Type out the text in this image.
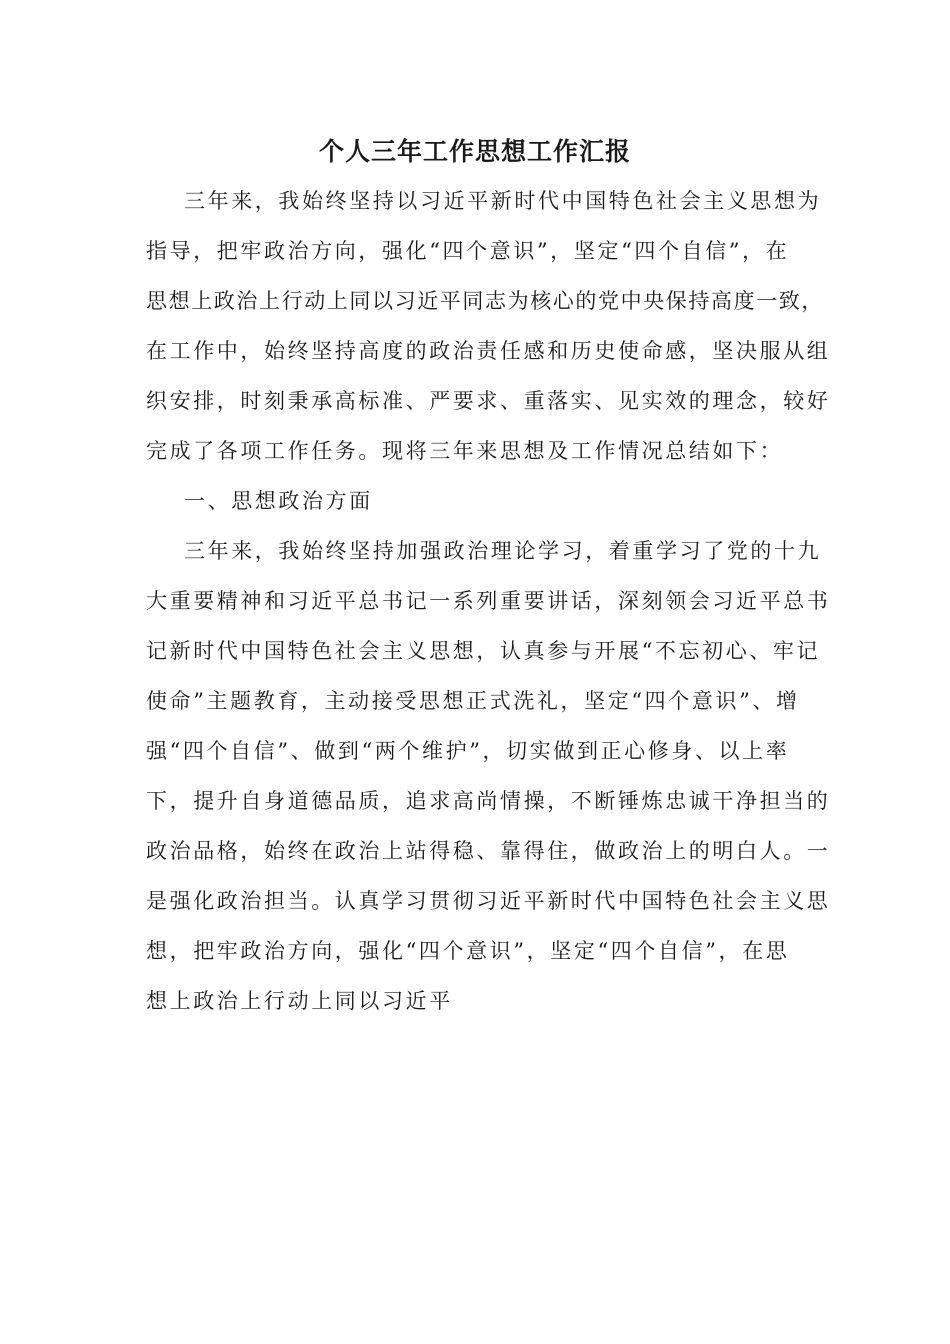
个人三年工作思想工作汇报
三年来，我始终坚持以习近平新时代中国特色社会主义思想为
指导，把牢政治方向，强化“四个意识”，坚定“四个自信”，在
思想上政治上行动上同以习近平同志为核心的党中央保持高度一致，
在工作中，始终坚持高度的政治责任感和历史使命感，坚决服从组
织安排，时刻秉承高标准、严要求、重落实、见实效的理念，较好
完成了各项工作任务。现将三年来思想及工作情况总结如下：
一、思想政治方面
三年来，我始终坚持加强政治理论学习，着重学习了党的十九
大重要精神和习近平总书记一系列重要讲话，深刻领会习近平总书
记新时代中国特色社会主义思想，认真参与开展“不忘初心、牢记
使命”主题教育，主动接受思想正式洗礼，坚定“四个意识”、增
强“四个自信”、做到“两个维护”，切实做到正心修身、以上率
下，提升自身道德品质，追求高尚情操，不断锤炼忠诚干净担当的
政治品格，始终在政治上站得稳、靠得住，做政治上的明白人。一
是强化政治担当。认真学习贯彻习近平新时代中国特色社会主义思
想，把牢政治方向，强化“四个意识”，坚定“四个自信”，在思
想上政治上行动上同以习近平
